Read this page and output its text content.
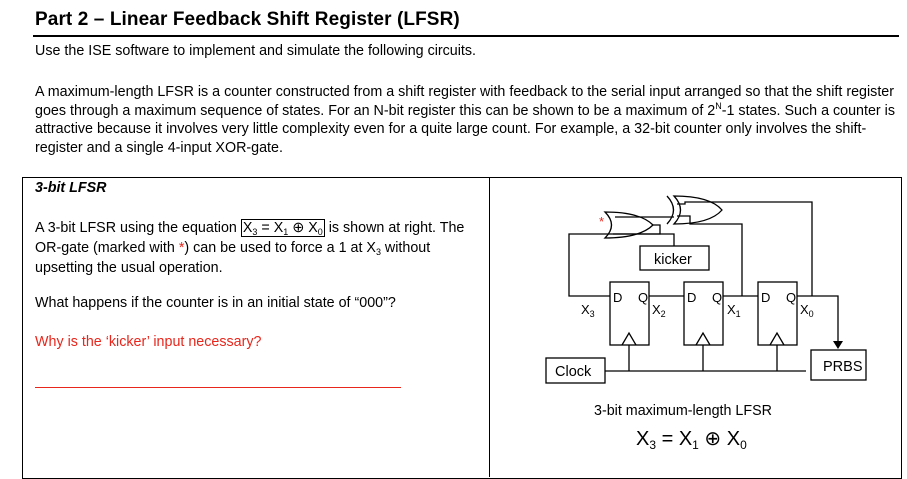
Part 2 – Linear Feedback Shift Register (LFSR)
Use the ISE software to implement and simulate the following circuits.
A maximum-length LFSR is a counter constructed from a shift register with feedback to the serial input arranged so that the shift register goes through a maximum sequence of states. For an N-bit register this can be shown to be a maximum of $2^N-1$ states. Such a counter is attractive because it involves very little complexity even for a quite large count. For example, a 32-bit counter only involves the shift-register and a single 4-input XOR-gate.
3-bit LFSR
A 3-bit LFSR using the equation $X_3 = X_1$ ⊕ $X_0$ is shown at right. The OR-gate (marked with *) can be used to force a 1 at $X_3$ without upsetting the usual operation.
What happens if the counter is in an initial state of “000”?
Why is the ‘kicker’ input necessary?
*
kicker
Clock	PRBS
D Q	D Q	D Q
$X_3$	$X_2$	$X_1$	$X_0$
3-bit maximum-length LFSR
$X_3 = X_1$ ⊕ $X_0$
